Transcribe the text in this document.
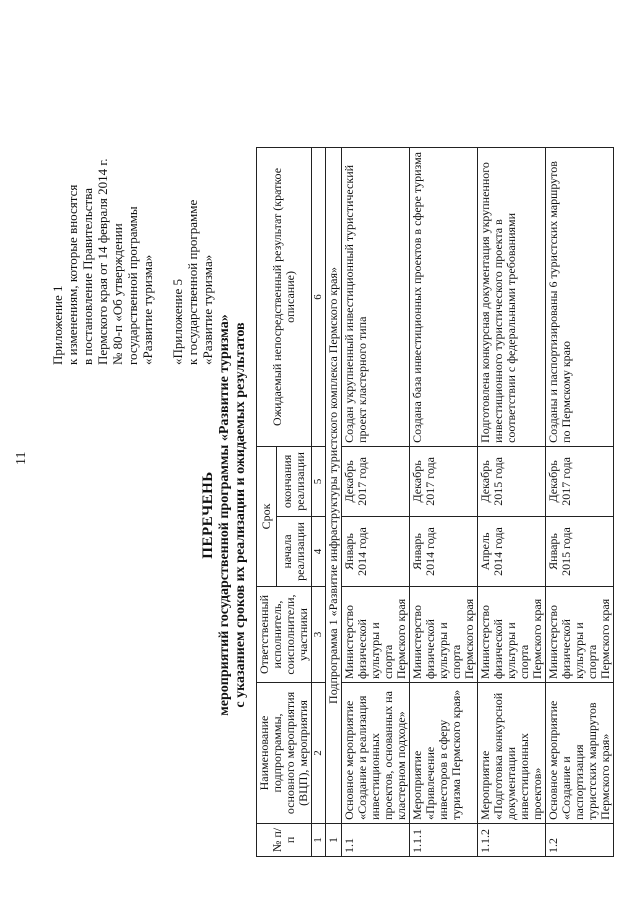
11
Приложение 1 к изменениям, которые вносятся в постановление Правительства Пермского края от 14 февраля 2014 г. № 80-п «Об утверждении государственной программы «Развитие туризма» «Приложение 5 к государственной программе «Развитие туризма»
ПЕРЕЧЕНЬ мероприятий государственной программы «Развитие туризма» с указанием сроков их реализации и ожидаемых результатов
№ п/п	Наименование подпрограммы, основного мероприятия (ВЦП), мероприятия	Ответственный исполнитель, соисполнители, участники	Срок		Ожидаемый непосредственный результат (краткое описание)
			начала реализации	окончания реализации	
1	2	3	4	5	6
1	Подпрограмма 1 «Развитие инфраструктуры туристского комплекса Пермского края»				
1.1	Основное мероприятие «Создание и реализация инвестиционных проектов, основанных на кластерном подходе»	Министерство физической культуры и спорта Пермского края	Январь 2014 года	Декабрь 2017 года	Создан укрупненный инвестиционный туристический проект кластерного типа
1.1.1	Мероприятие «Привлечение инвесторов в сферу туризма Пермского края»	Министерство физической культуры и спорта Пермского края	Январь 2014 года	Декабрь 2017 года	Создана база инвестиционных проектов в сфере туризма
1.1.2	Мероприятие «Подготовка конкурсной документации инвестиционных проектов»	Министерство физической культуры и спорта Пермского края	Апрель 2014 года	Декабрь 2015 года	Подготовлена конкурсная документация укрупненного инвестиционного туристического проекта в соответствии с федеральными требованиями
1.2	Основное мероприятие «Создание и паспортизация туристских маршрутов Пермского края»	Министерство физической культуры и спорта Пермского края	Январь 2015 года	Декабрь 2017 года	Созданы и паспортизированы 6 туристских маршрутов по Пермскому краю
